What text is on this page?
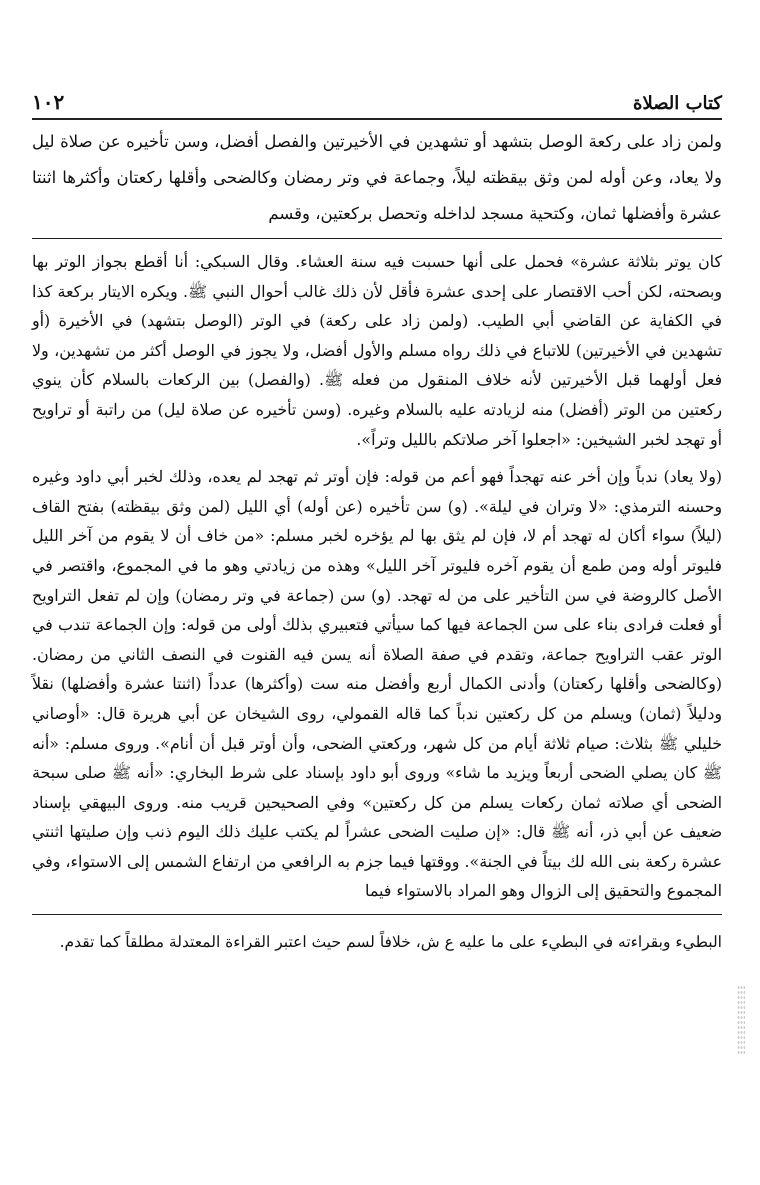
كتاب الصلاة
١٠٢

ولمن زاد على ركعة الوصل بتشهد أو تشهدين في الأخيرتين والفصل أفضل، وسن تأخيره عن صلاة ليل ولا يعاد، وعن أوله لمن وثق بيقظته ليلاً، وجماعة في وتر رمضان وكالضحى وأقلها ركعتان وأكثرها اثنتا عشرة وأفضلها ثمان، وكتحية مسجد لداخله وتحصل بركعتين، وقسم

كان يوتر بثلاثة عشرة» فحمل على أنها حسبت فيه سنة العشاء. وقال السبكي: أنا أقطع بجواز الوتر بها وبصحته، لكن أحب الاقتصار على إحدى عشرة فأقل لأن ذلك غالب أحوال النبي ﷺ. ويكره الايتار بركعة كذا في الكفاية عن القاضي أبي الطيب. (ولمن زاد على ركعة) في الوتر (الوصل بتشهد) في الأخيرة (أو تشهدين في الأخيرتين) للاتباع في ذلك رواه مسلم والأول أفضل، ولا يجوز في الوصل أكثر من تشهدين، ولا فعل أولهما قبل الأخيرتين لأنه خلاف المنقول من فعله ﷺ. (والفصل) بين الركعات بالسلام كأن ينوي ركعتين من الوتر (أفضل) منه لزيادته عليه بالسلام وغيره. (وسن تأخيره عن صلاة ليل) من راتبة أو تراويح أو تهجد لخبر الشيخين: «اجعلوا آخر صلاتكم بالليل وتراً».

(ولا يعاد) ندباً وإن أخر عنه تهجداً فهو أعم من قوله: فإن أوتر ثم تهجد لم يعده، وذلك لخبر أبي داود وغيره وحسنه الترمذي: «لا وتران في ليلة». (و) سن تأخيره (عن أوله) أي الليل (لمن وثق بيقظته) بفتح القاف (ليلاً) سواء أكان له تهجد أم لا، فإن لم يثق بها لم يؤخره لخبر مسلم: «من خاف أن لا يقوم من آخر الليل فليوتر أوله ومن طمع أن يقوم آخره فليوتر آخر الليل» وهذه من زيادتي وهو ما في المجموع، واقتصر في الأصل كالروضة في سن التأخير على من له تهجد. (و) سن (جماعة في وتر رمضان) وإن لم تفعل التراويح أو فعلت فرادى بناء على سن الجماعة فيها كما سيأتي فتعبيري بذلك أولى من قوله: وإن الجماعة تندب في الوتر عقب التراويح جماعة، وتقدم في صفة الصلاة أنه يسن فيه القنوت في النصف الثاني من رمضان. (وكالضحى وأقلها ركعتان) وأدنى الكمال أربع وأفضل منه ست (وأكثرها) عدداً (اثنتا عشرة وأفضلها) نقلاً ودليلاً (ثمان) ويسلم من كل ركعتين ندباً كما قاله القمولي، روى الشيخان عن أبي هريرة قال: «أوصاني خليلي ﷺ بثلاث: صيام ثلاثة أيام من كل شهر، وركعتي الضحى، وأن أوتر قبل أن أنام». وروى مسلم: «أنه ﷺ كان يصلي الضحى أربعاً ويزيد ما شاء» وروى أبو داود بإسناد على شرط البخاري: «أنه ﷺ صلى سبحة الضحى أي صلاته ثمان ركعات يسلم من كل ركعتين» وفي الصحيحين قريب منه. وروى البيهقي بإسناد ضعيف عن أبي ذر، أنه ﷺ قال: «إن صليت الضحى عشراً لم يكتب عليك ذلك اليوم ذنب وإن صليتها اثنتي عشرة ركعة بنى الله لك بيتاً في الجنة». ووقتها فيما جزم به الرافعي من ارتفاع الشمس إلى الاستواء، وفي المجموع والتحقيق إلى الزوال وهو المراد بالاستواء فيما

البطيء وبقراءته في البطيء على ما عليه ع ش، خلافاً لسم حيث اعتبر القراءة المعتدلة مطلقاً كما تقدم.
